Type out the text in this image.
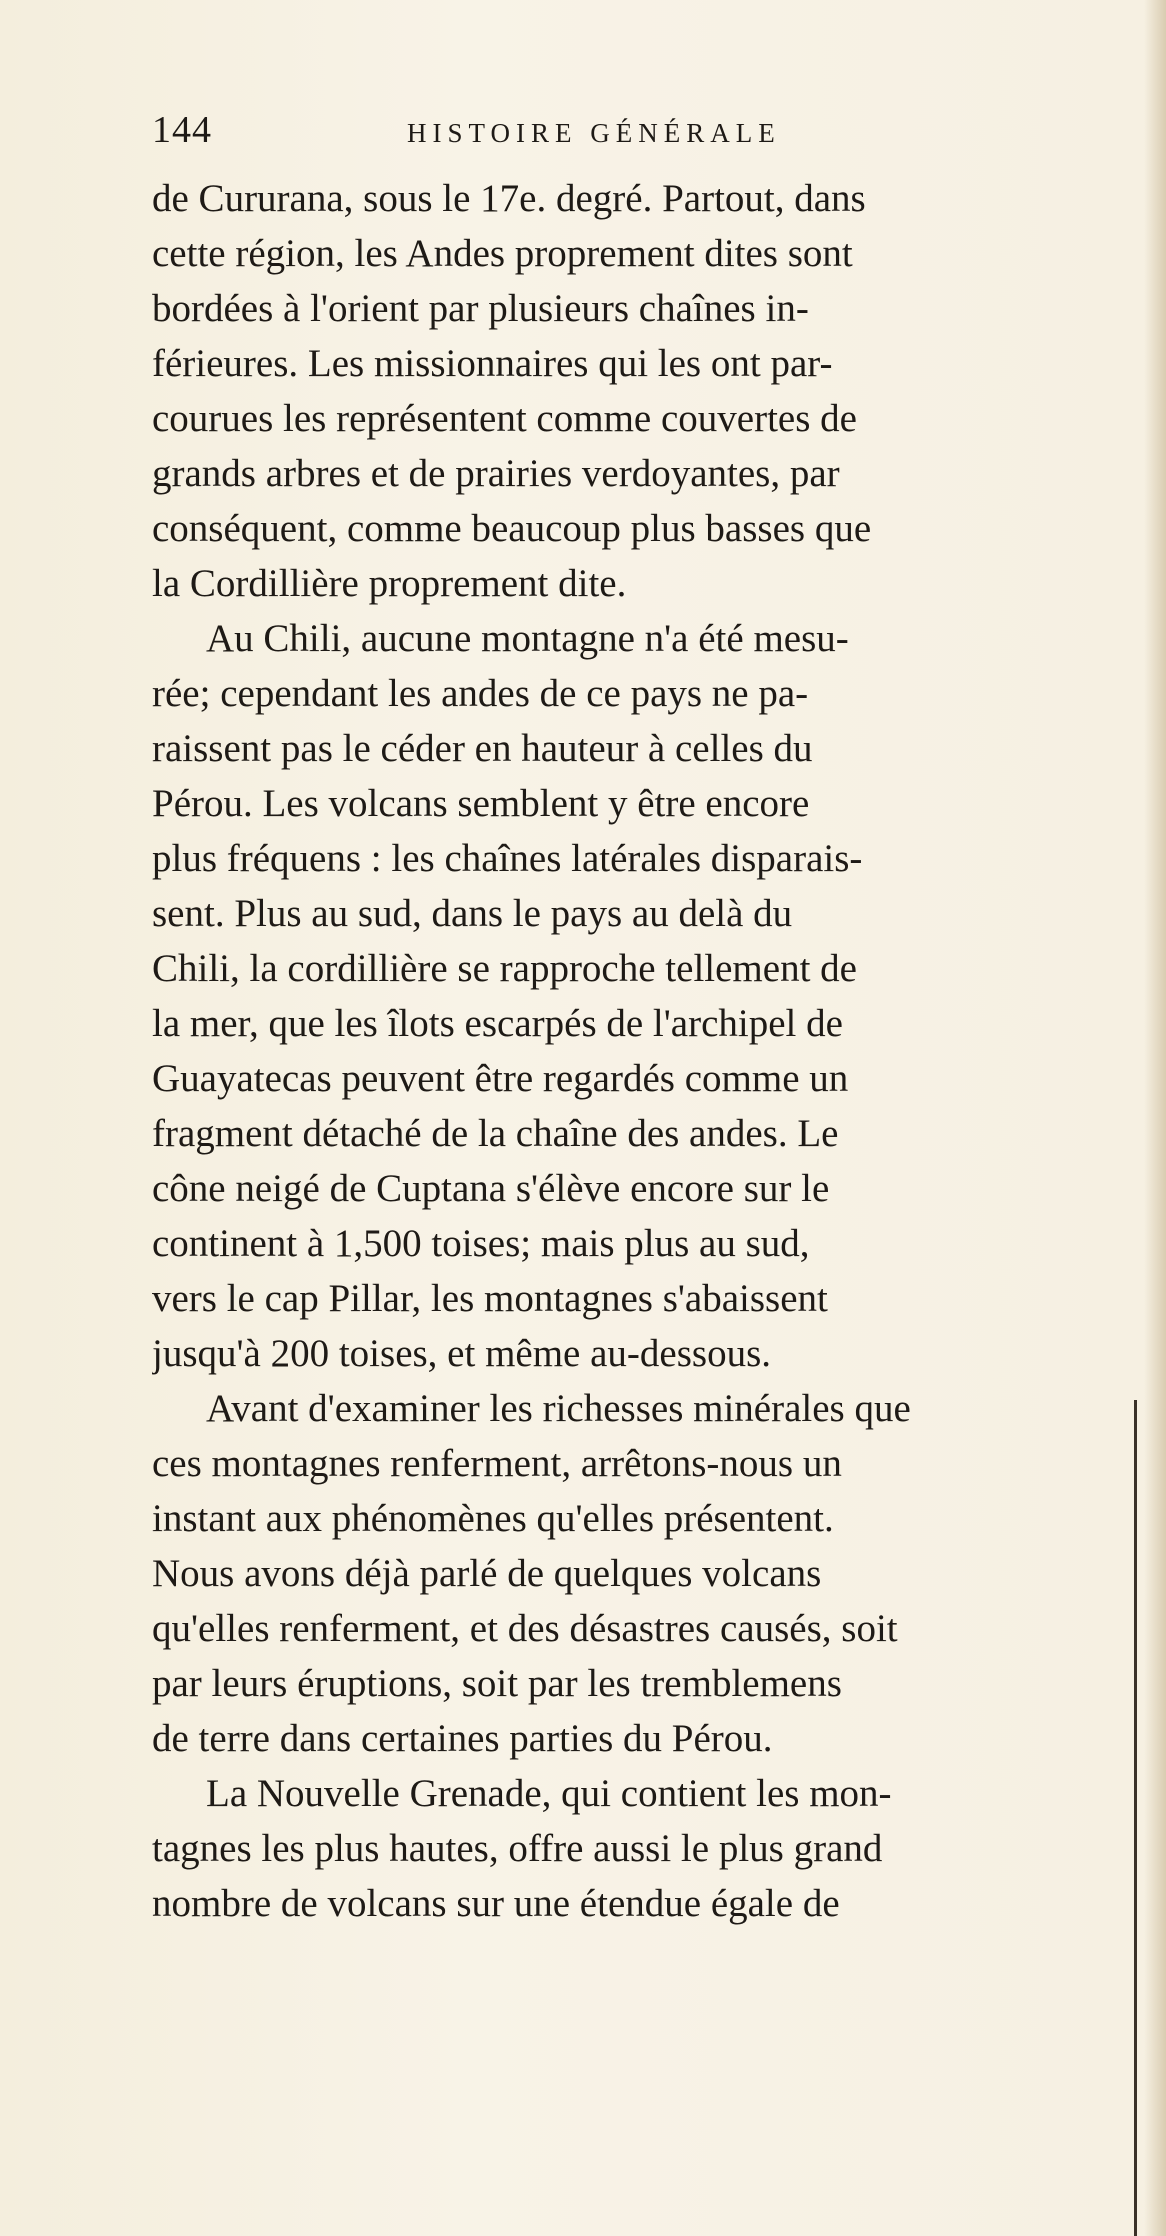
144	HISTOIRE GÉNÉRALE
de Cururana, sous le 17e. degré. Partout, dans
cette région, les Andes proprement dites sont
bordées à l'orient par plusieurs chaînes in-
férieures. Les missionnaires qui les ont par-
courues les représentent comme couvertes de
grands arbres et de prairies verdoyantes, par
conséquent, comme beaucoup plus basses que
la Cordillière proprement dite.
Au Chili, aucune montagne n'a été mesu-
rée; cependant les andes de ce pays ne pa-
raissent pas le céder en hauteur à celles du
Pérou. Les volcans semblent y être encore
plus fréquens : les chaînes latérales disparais-
sent. Plus au sud, dans le pays au delà du
Chili, la cordillière se rapproche tellement de
la mer, que les îlots escarpés de l'archipel de
Guayatecas peuvent être regardés comme un
fragment détaché de la chaîne des andes. Le
cône neigé de Cuptana s'élève encore sur le
continent à 1,500 toises; mais plus au sud,
vers le cap Pillar, les montagnes s'abaissent
jusqu'à 200 toises, et même au-dessous.
Avant d'examiner les richesses minérales que
ces montagnes renferment, arrêtons-nous un
instant aux phénomènes qu'elles présentent.
Nous avons déjà parlé de quelques volcans
qu'elles renferment, et des désastres causés, soit
par leurs éruptions, soit par les tremblemens
de terre dans certaines parties du Pérou.
La Nouvelle Grenade, qui contient les mon-
tagnes les plus hautes, offre aussi le plus grand
nombre de volcans sur une étendue égale de
